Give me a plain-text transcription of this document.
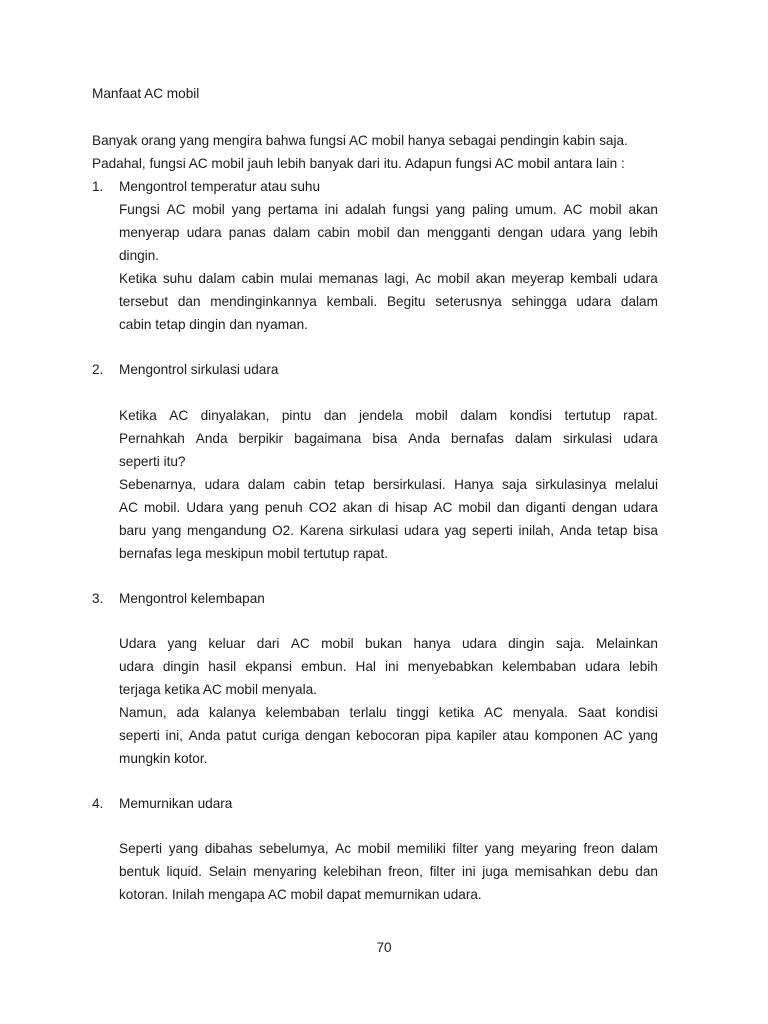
Manfaat AC mobil
Banyak orang yang mengira bahwa fungsi AC mobil hanya sebagai pendingin kabin saja.
Padahal, fungsi AC mobil jauh lebih banyak dari itu. Adapun fungsi AC mobil antara lain :
1. Mengontrol temperatur atau suhu
Fungsi AC mobil yang pertama ini adalah fungsi yang paling umum. AC mobil akan
menyerap udara panas dalam cabin mobil dan mengganti dengan udara yang lebih
dingin.
Ketika suhu dalam cabin mulai memanas lagi, Ac mobil akan meyerap kembali udara
tersebut dan mendinginkannya kembali. Begitu seterusnya sehingga udara dalam
cabin tetap dingin dan nyaman.
2. Mengontrol sirkulasi udara
Ketika AC dinyalakan, pintu dan jendela mobil dalam kondisi tertutup rapat.
Pernahkah Anda berpikir bagaimana bisa Anda bernafas dalam sirkulasi udara
seperti itu?
Sebenarnya, udara dalam cabin tetap bersirkulasi. Hanya saja sirkulasinya melalui
AC mobil. Udara yang penuh CO2 akan di hisap AC mobil dan diganti dengan udara
baru yang mengandung O2. Karena sirkulasi udara yag seperti inilah, Anda tetap bisa
bernafas lega meskipun mobil tertutup rapat.
3. Mengontrol kelembapan
Udara yang keluar dari AC mobil bukan hanya udara dingin saja. Melainkan
udara dingin hasil ekpansi embun. Hal ini menyebabkan kelembaban udara lebih
terjaga ketika AC mobil menyala.
Namun, ada kalanya kelembaban terlalu tinggi ketika AC menyala. Saat kondisi
seperti ini, Anda patut curiga dengan kebocoran pipa kapiler atau komponen AC yang
mungkin kotor.
4. Memurnikan udara
Seperti yang dibahas sebelumya, Ac mobil memiliki filter yang meyaring freon dalam
bentuk liquid. Selain menyaring kelebihan freon, filter ini juga memisahkan debu dan
kotoran. Inilah mengapa AC mobil dapat memurnikan udara.
70
